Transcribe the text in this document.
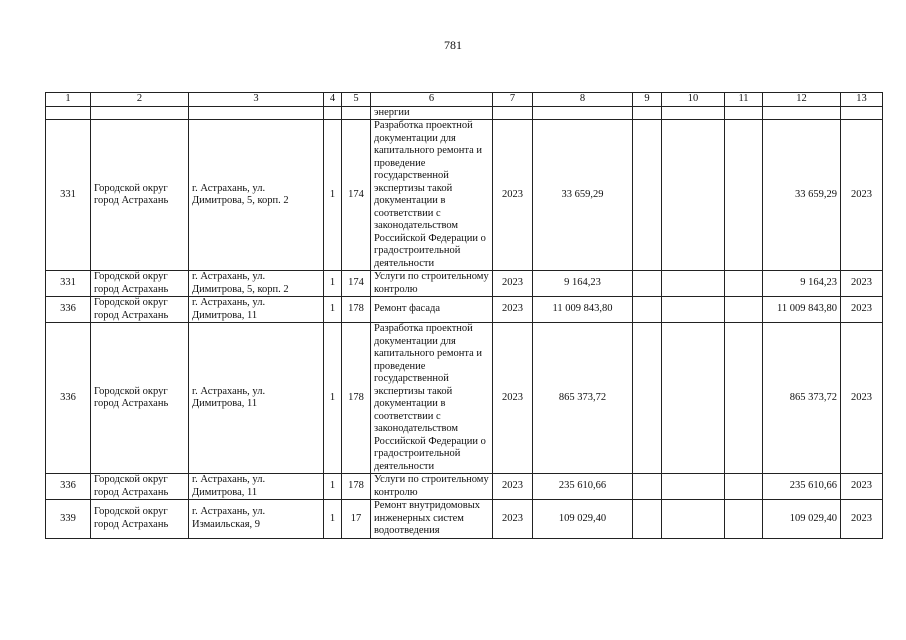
781
1	2	3	4	5	6	7	8	9	10	11	12	13
					энергии							
331	Городской округ город Астрахань	г. Астрахань, ул. Димитрова, 5, корп. 2	1	174	Разработка проектной документации для капитального ремонта и проведение государственной экспертизы такой документации в соответствии с законодательством Российской Федерации о градостроительной деятельности	2023	33 659,29				33 659,29	2023
331	Городской округ город Астрахань	г. Астрахань, ул. Димитрова, 5, корп. 2	1	174	Услуги по строительному контролю	2023	9 164,23				9 164,23	2023
336	Городской округ город Астрахань	г. Астрахань, ул. Димитрова, 11	1	178	Ремонт фасада	2023	11 009 843,80				11 009 843,80	2023
336	Городской округ город Астрахань	г. Астрахань, ул. Димитрова, 11	1	178	Разработка проектной документации для капитального ремонта и проведение государственной экспертизы такой документации в соответствии с законодательством Российской Федерации о градостроительной деятельности	2023	865 373,72				865 373,72	2023
336	Городской округ город Астрахань	г. Астрахань, ул. Димитрова, 11	1	178	Услуги по строительному контролю	2023	235 610,66				235 610,66	2023
339	Городской округ город Астрахань	г. Астрахань, ул. Измаильская, 9	1	17	Ремонт внутридомовых инженерных систем водоотведения	2023	109 029,40				109 029,40	2023
